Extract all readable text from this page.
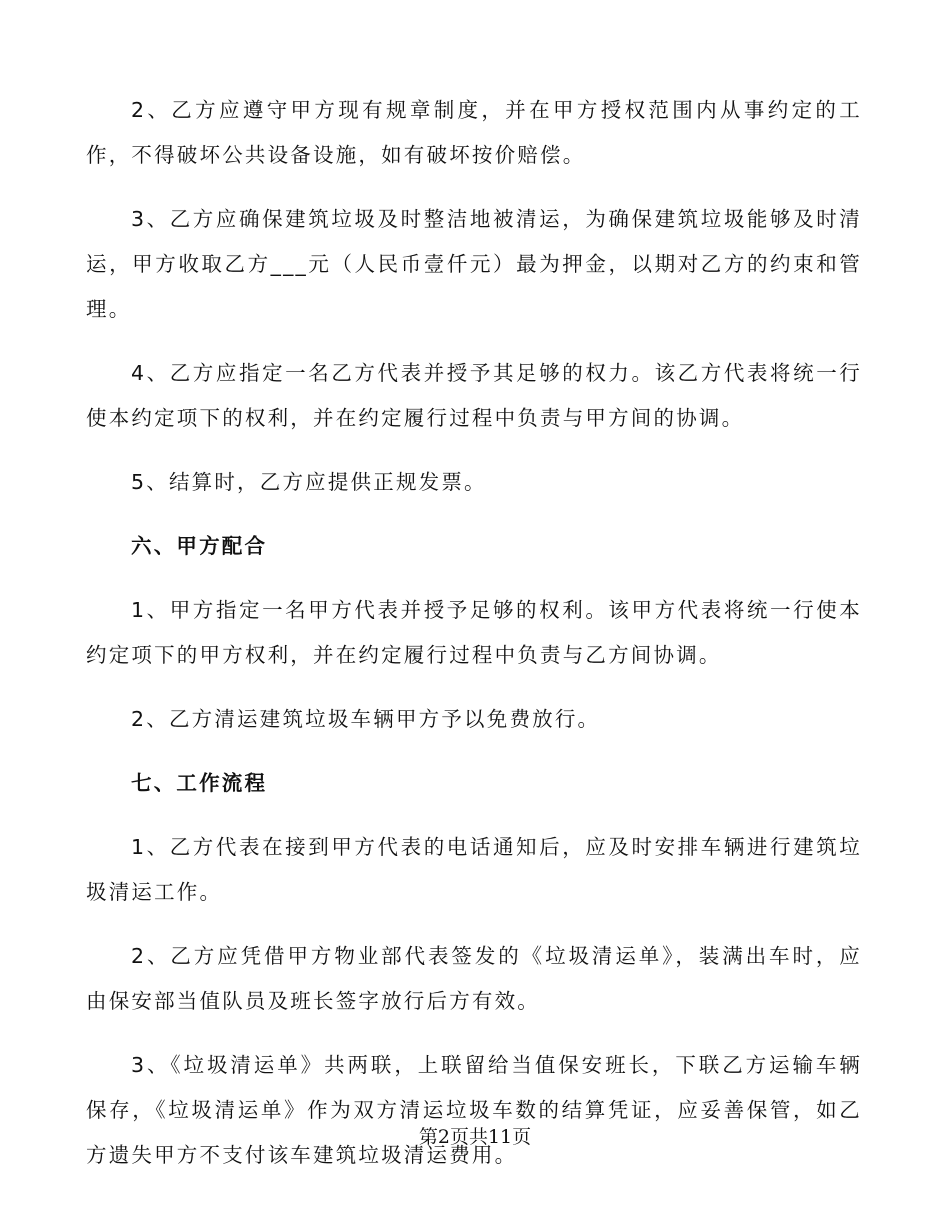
2、乙方应遵守甲方现有规章制度，并在甲方授权范围内从事约定的工作，不得破坏公共设备设施，如有破坏按价赔偿。

3、乙方应确保建筑垃圾及时整洁地被清运，为确保建筑垃圾能够及时清运，甲方收取乙方___元（人民币壹仟元）最为押金，以期对乙方的约束和管理。

4、乙方应指定一名乙方代表并授予其足够的权力。该乙方代表将统一行使本约定项下的权利，并在约定履行过程中负责与甲方间的协调。

5、结算时，乙方应提供正规发票。

六、甲方配合

1、甲方指定一名甲方代表并授予足够的权利。该甲方代表将统一行使本约定项下的甲方权利，并在约定履行过程中负责与乙方间协调。

2、乙方清运建筑垃圾车辆甲方予以免费放行。

七、工作流程

1、乙方代表在接到甲方代表的电话通知后，应及时安排车辆进行建筑垃圾清运工作。

2、乙方应凭借甲方物业部代表签发的《垃圾清运单》，装满出车时，应由保安部当值队员及班长签字放行后方有效。

3、《垃圾清运单》共两联，上联留给当值保安班长，下联乙方运输车辆保存，《垃圾清运单》作为双方清运垃圾车数的结算凭证，应妥善保管，如乙方遗失甲方不支付该车建筑垃圾清运费用。

第2页共11页
